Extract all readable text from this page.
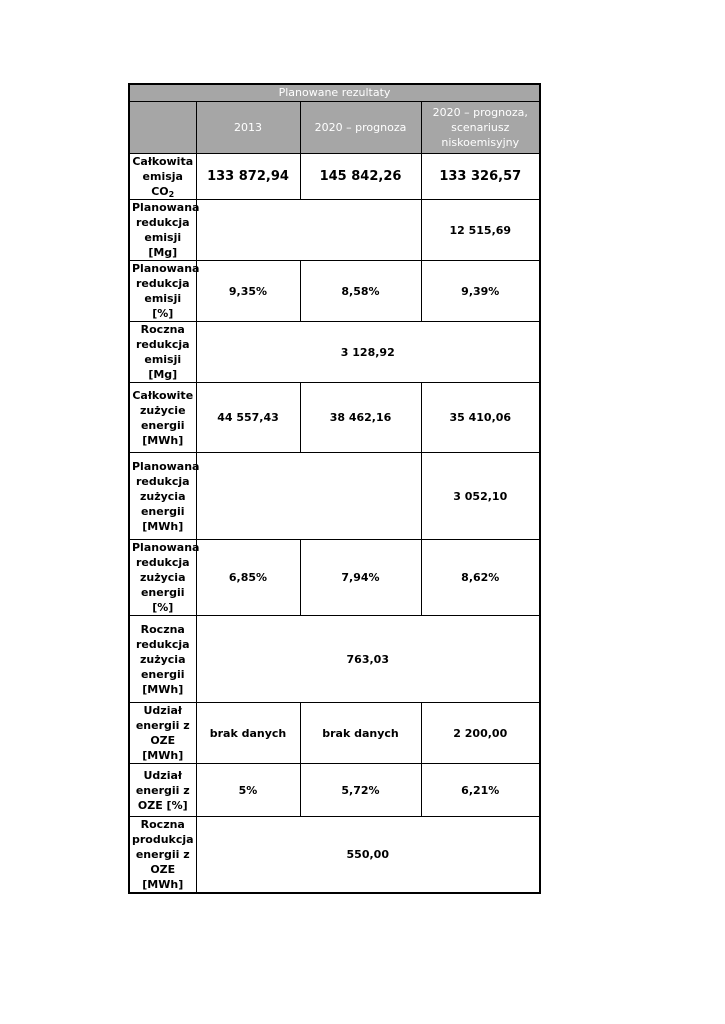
Planowane rezultaty			
	2013	2020 – prognoza	2020 – prognoza, scenariusz niskoemisyjny
Całkowita emisja $CO_2$	133 872,94	145 842,26	133 326,57
Planowana redukcja emisji [Mg]			12 515,69
Planowana redukcja emisji [%]	9,35%	8,58%	9,39%
Roczna redukcja emisji [Mg]	3 128,92		
Całkowite zużycie energii [MWh]	44 557,43	38 462,16	35 410,06
Planowana redukcja zużycia energii [MWh]			3 052,10
Planowana redukcja zużycia energii [%]	6,85%	7,94%	8,62%
Roczna redukcja zużycia energii [MWh]	763,03		
Udział energii z OZE [MWh]	brak danych	brak danych	2 200,00
Udział energii z OZE [%]	5%	5,72%	6,21%
Roczna produkcja energii z OZE [MWh]	550,00		
